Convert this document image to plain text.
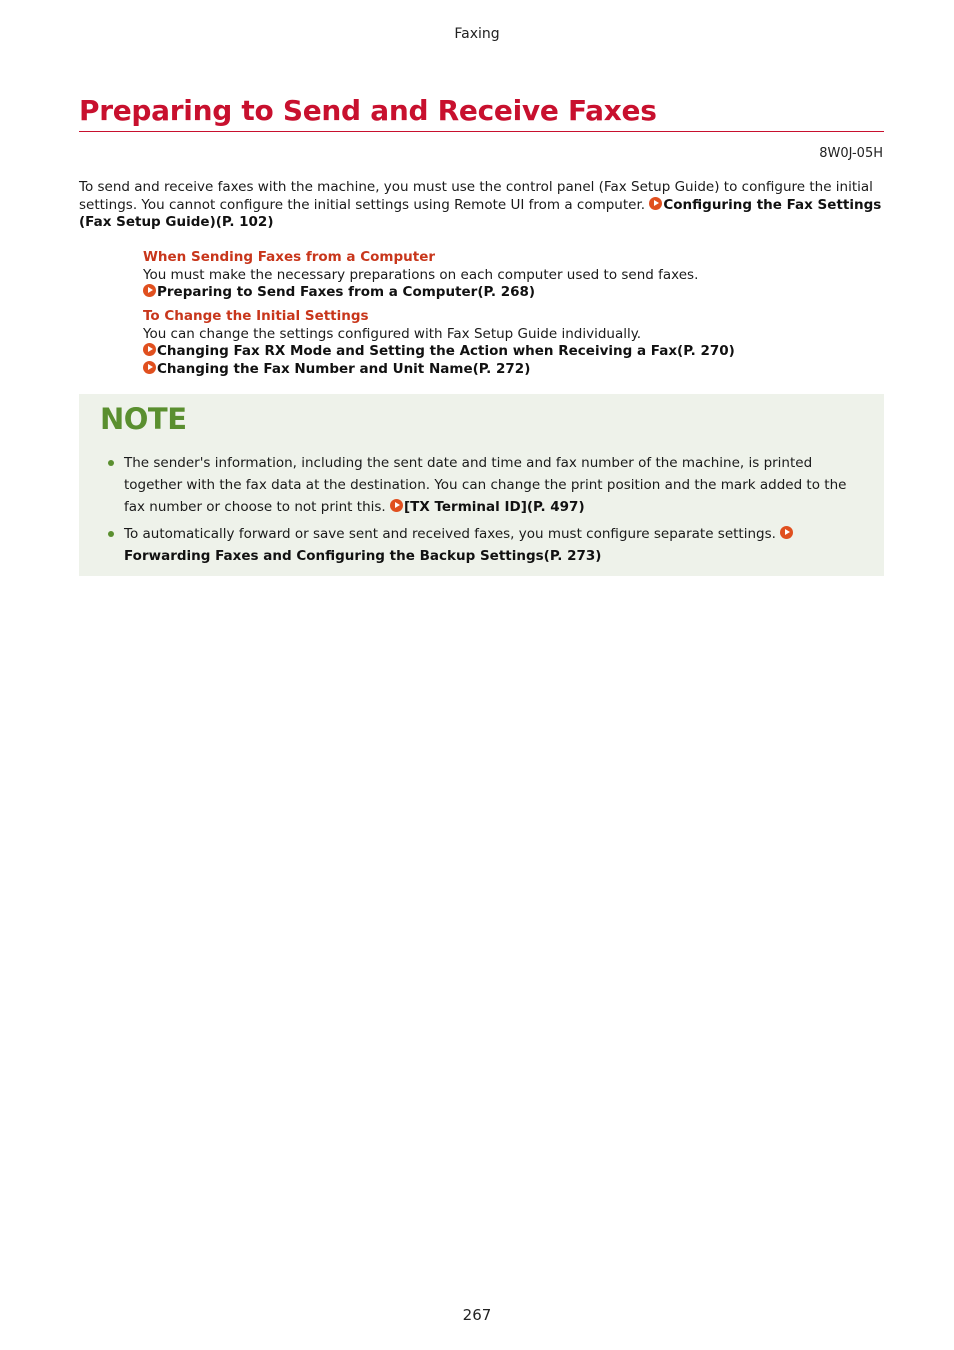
Faxing
Preparing to Send and Receive Faxes
8W0J-05H

To send and receive faxes with the machine, you must use the control panel (Fax Setup Guide) to configure the initial settings. You cannot configure the initial settings using Remote UI from a computer. Configuring the Fax Settings (Fax Setup Guide)(P. 102)

When Sending Faxes from a Computer
You must make the necessary preparations on each computer used to send faxes.
Preparing to Send Faxes from a Computer(P. 268)
To Change the Initial Settings
You can change the settings configured with Fax Setup Guide individually.
Changing Fax RX Mode and Setting the Action when Receiving a Fax(P. 270)
Changing the Fax Number and Unit Name(P. 272)
NOTE
The sender's information, including the sent date and time and fax number of the machine, is printed together with the fax data at the destination. You can change the print position and the mark added to the fax number or choose to not print this. [TX Terminal ID](P. 497)
To automatically forward or save sent and received faxes, you must configure separate settings.
Forwarding Faxes and Configuring the Backup Settings(P. 273)
267
